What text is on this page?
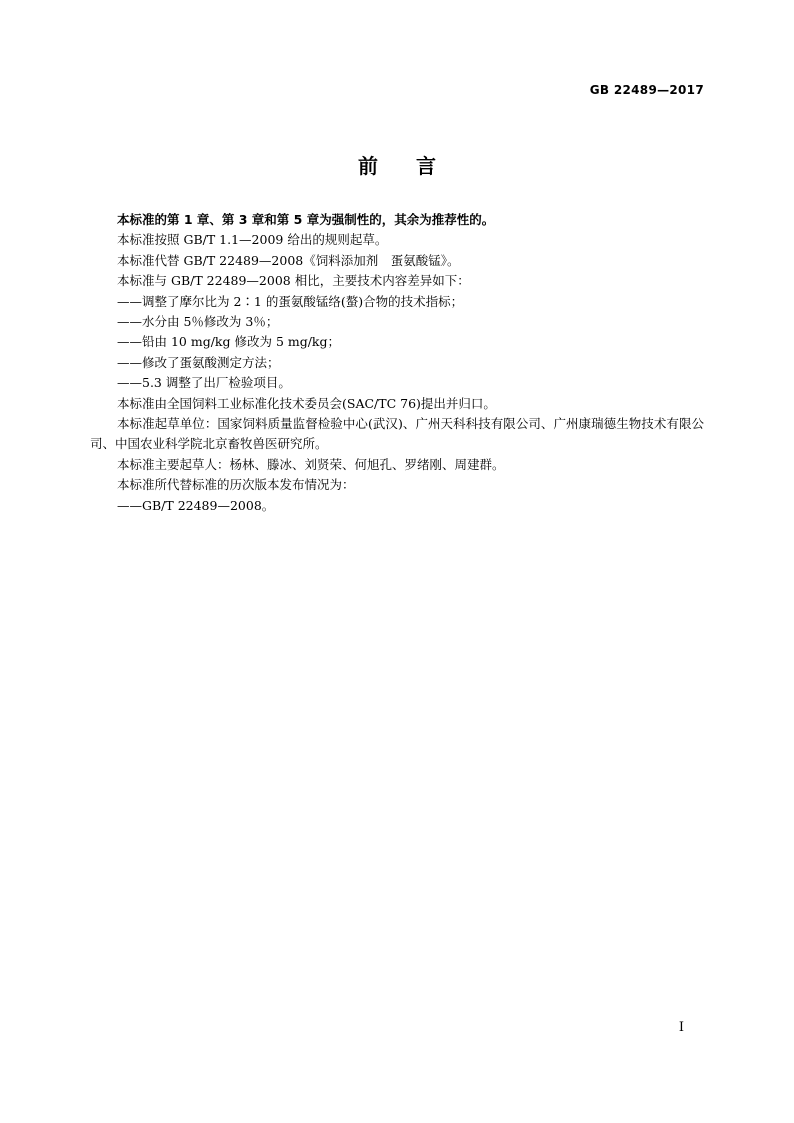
GB 22489—2017
前言

本标准的第 1 章、第 3 章和第 5 章为强制性的，其余为推荐性的。

本标准按照 GB/T 1.1—2009 给出的规则起草。

本标准代替 GB/T 22489—2008《饲料添加剂　蛋氨酸锰》。

本标准与 GB/T 22489—2008 相比，主要技术内容差异如下：

——调整了摩尔比为 2∶1 的蛋氨酸锰络(螯)合物的技术指标；

——水分由 5％修改为 3％；

——铅由 10 mg/kg 修改为 5 mg/kg；

——修改了蛋氨酸测定方法；

——5.3 调整了出厂检验项目。

本标准由全国饲料工业标准化技术委员会(SAC/TC 76)提出并归口。

本标准起草单位：国家饲料质量监督检验中心(武汉)、广州天科科技有限公司、广州康瑞德生物技术有限公司、中国农业科学院北京畜牧兽医研究所。

本标准主要起草人：杨林、滕冰、刘贤荣、何旭孔、罗绪刚、周建群。

本标准所代替标准的历次版本发布情况为：

——GB/T 22489—2008。

I
